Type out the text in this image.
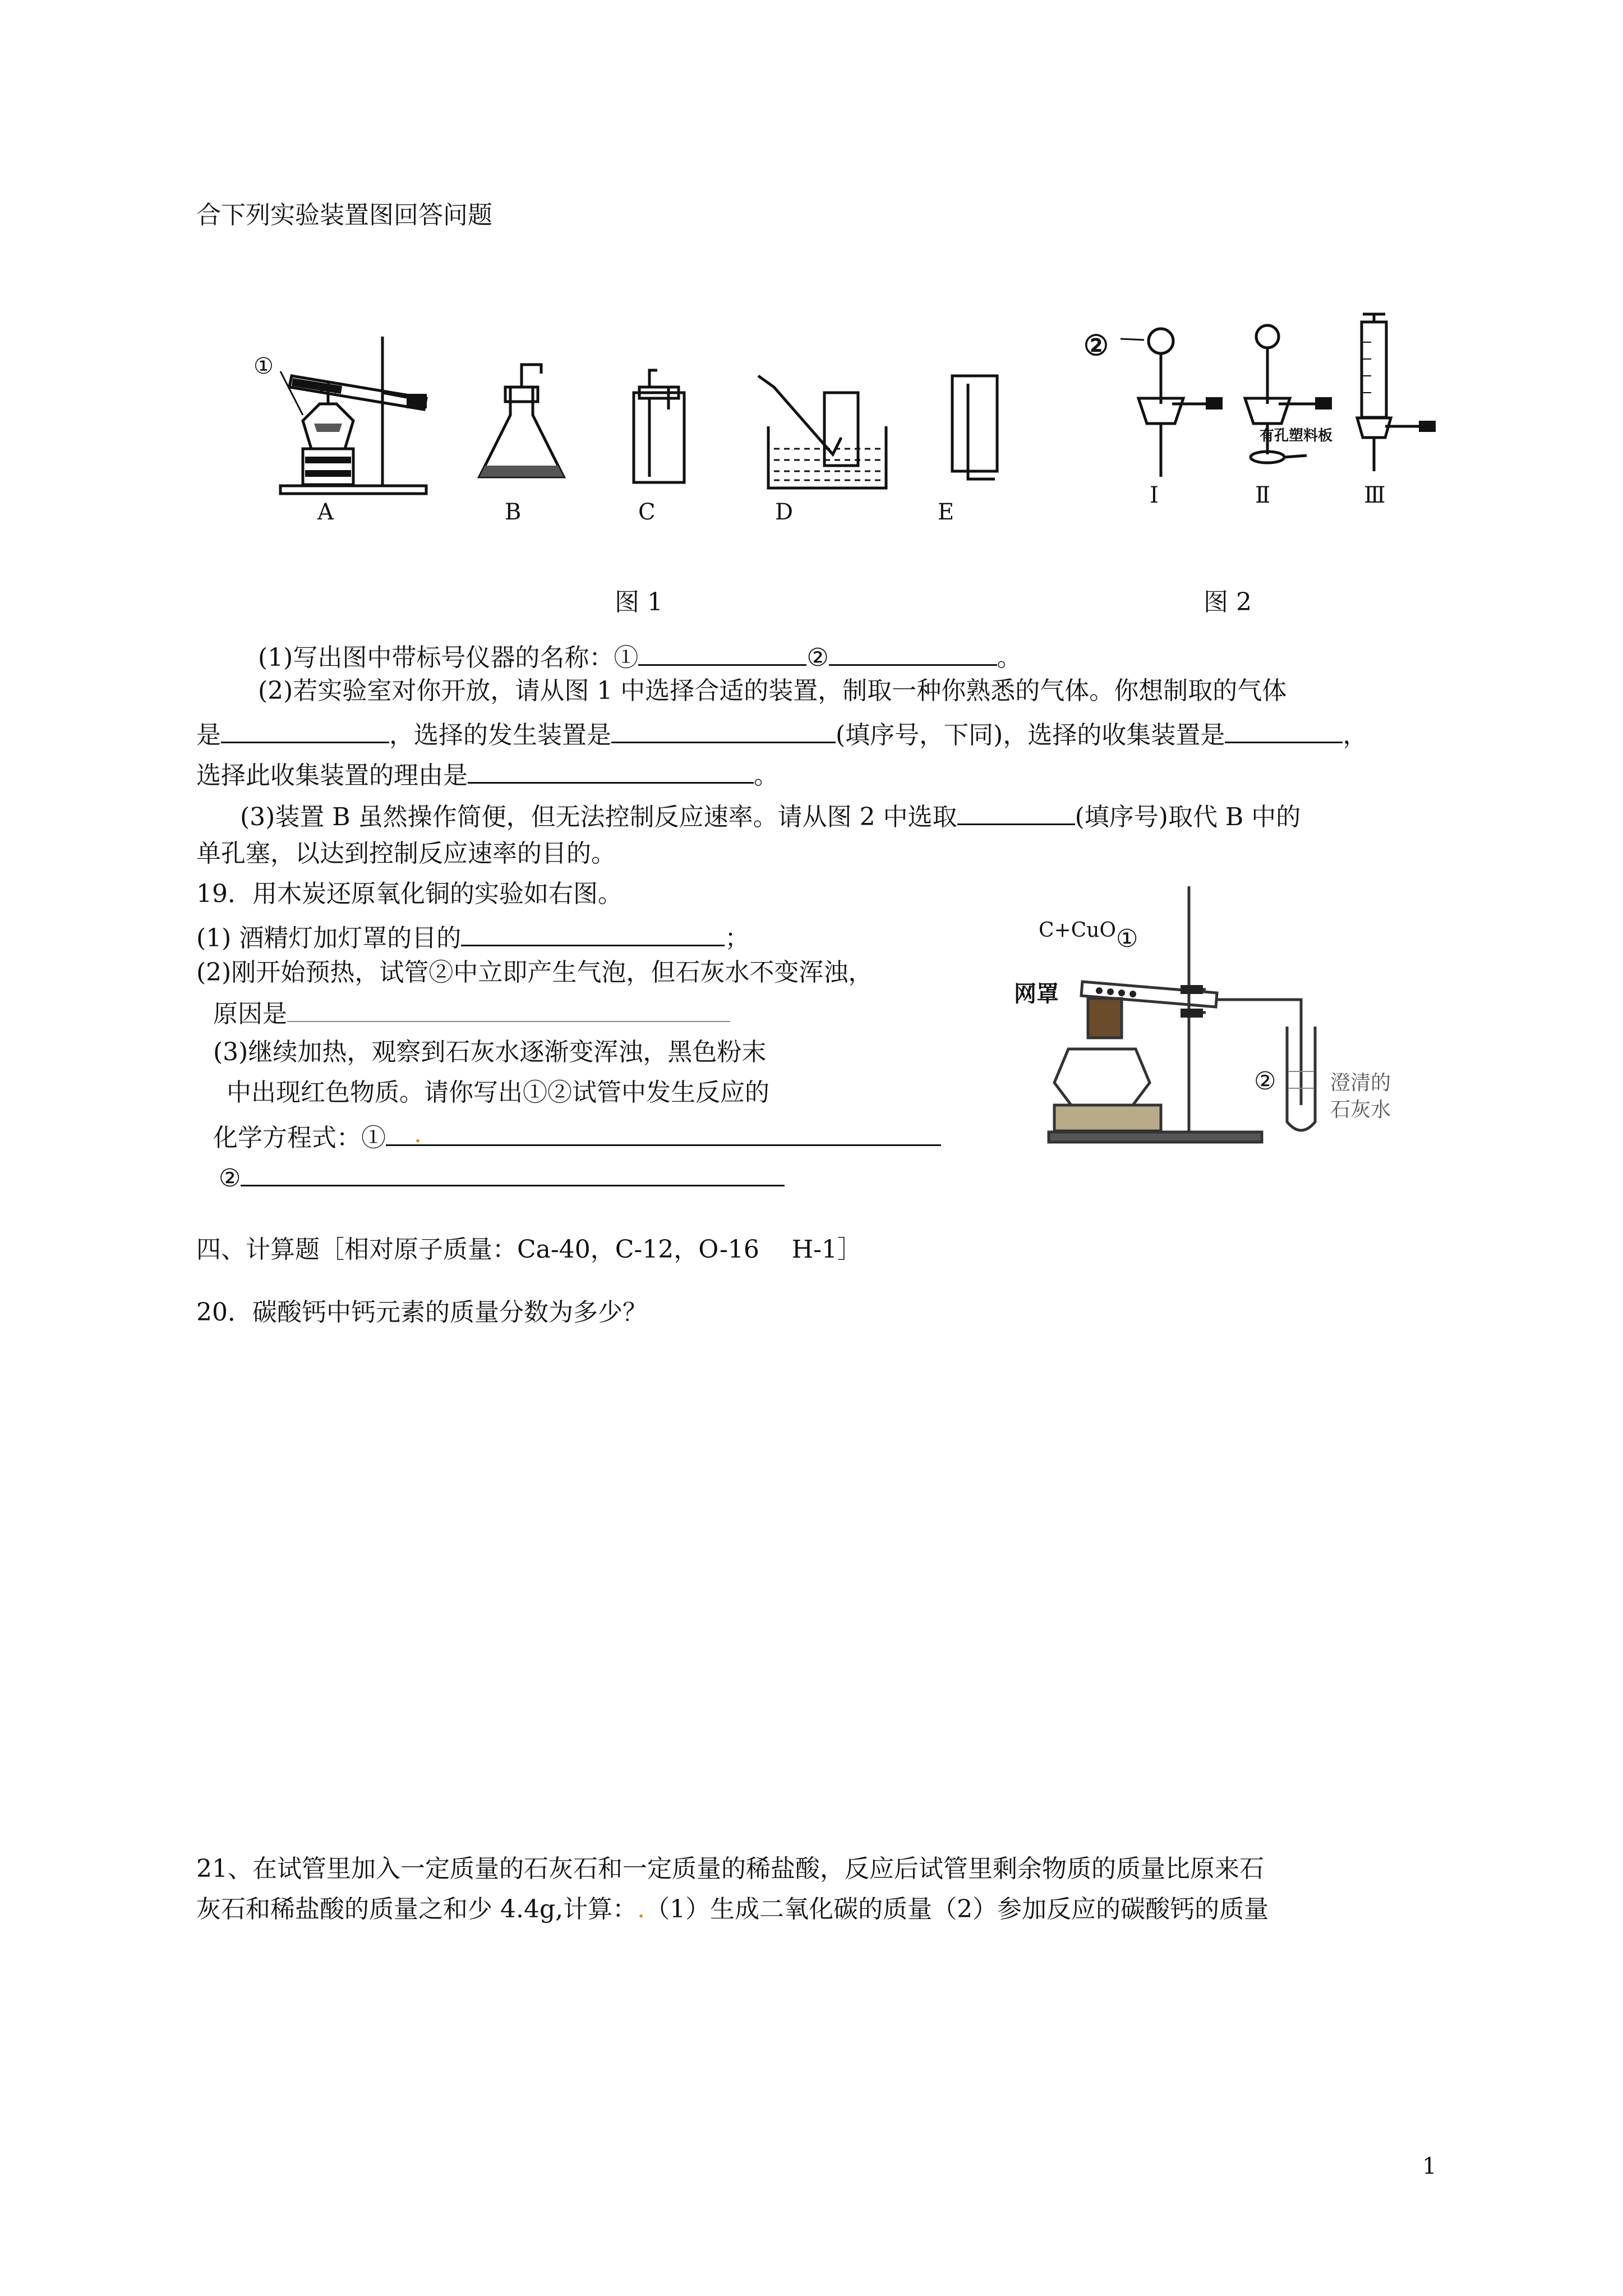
合下列实验装置图回答问题
①
A	B	C	D	E
②
Ⅰ
有孔塑料板
Ⅱ	Ⅲ
图 1	图 2
(1)写出图中带标号仪器的名称：①	②	。
(2)若实验室对你开放，请从图 1 中选择合适的装置，制取一种你熟悉的气体。你想制取的气体
是	，选择的发生装置是	(填序号，下同)，选择的收集装置是	，
选择此收集装置的理由是	。
(3)装置 B 虽然操作简便，但无法控制反应速率。请从图 2 中选取	(填序号)取代 B 中的
单孔塞，以达到控制反应速率的目的。
19．用木炭还原氧化铜的实验如右图。
(1) 酒精灯加灯罩的目的	；
(2)刚开始预热，试管②中立即产生气泡，但石灰水不变浑浊，
原因是
(3)继续加热，观察到石灰水逐渐变浑浊，黑色粉末
中出现红色物质。请你写出①②试管中发生反应的
化学方程式：① .
②
C+CuO ①
网罩
②	澄清的
石灰水
四、计算题［相对原子质量：Ca-40，C-12，O-16　 H-1］
20．碳酸钙中钙元素的质量分数为多少？
21、在试管里加入一定质量的石灰石和一定质量的稀盐酸，反应后试管里剩余物质的质量比原来石
灰石和稀盐酸的质量之和少 4.4g,计算：.（1）生成二氧化碳的质量（2）参加反应的碳酸钙的质量
1
